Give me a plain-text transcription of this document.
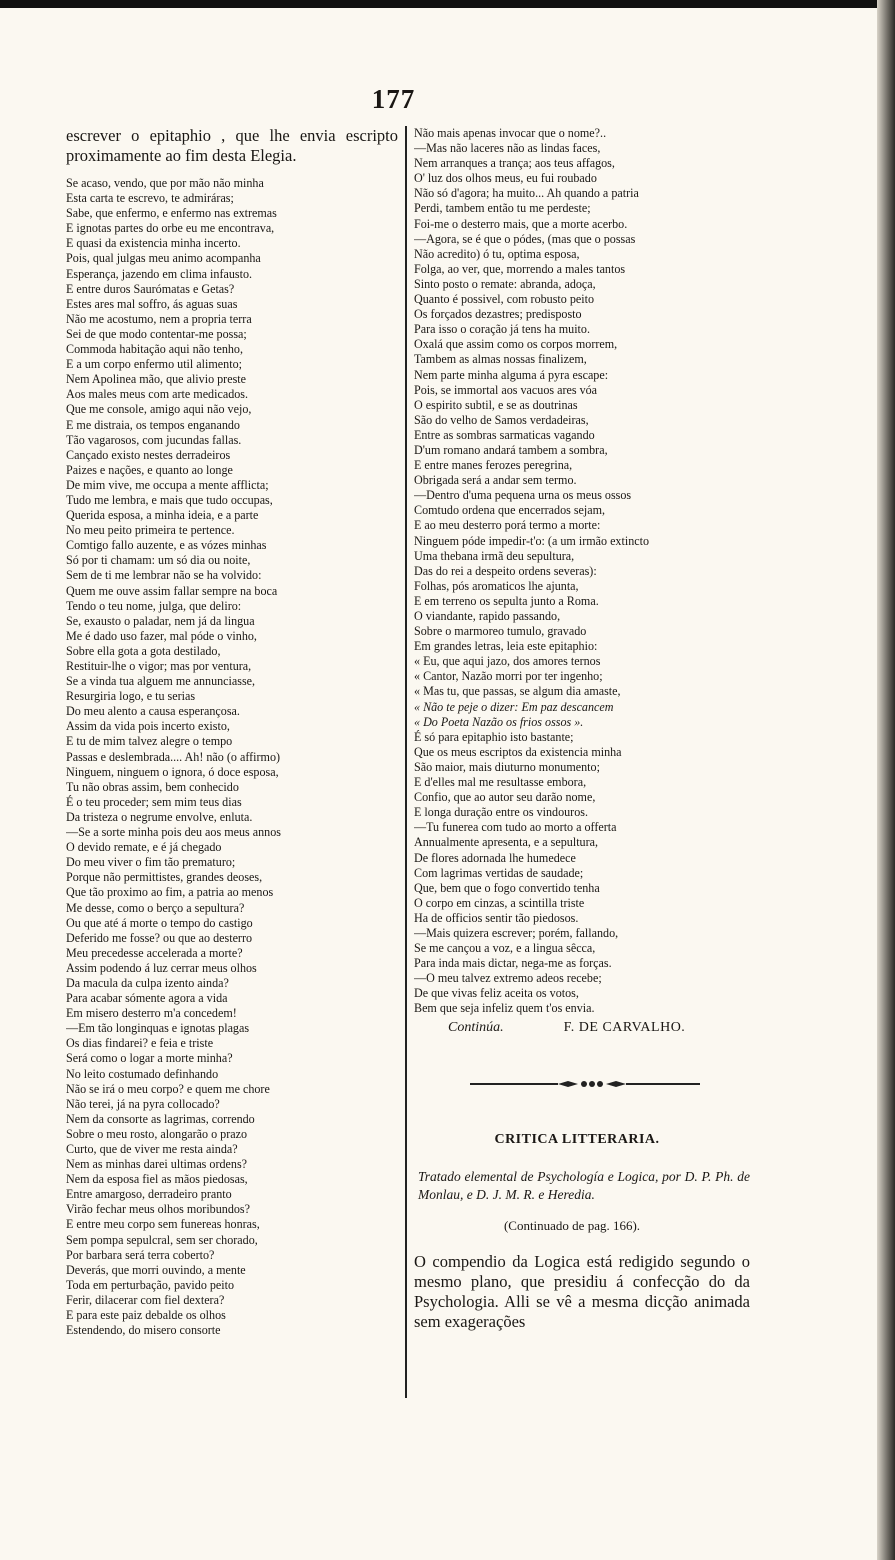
177

escrever o epitaphio , que lhe envia escripto proximamente ao fim desta Elegia.

Se acaso, vendo, que por mão não minha
Esta carta te escrevo, te admiráras;
Sabe, que enfermo, e enfermo nas extremas
E ignotas partes do orbe eu me encontrava,
E quasi da existencia minha incerto.
Pois, qual julgas meu animo acompanha
Esperança, jazendo em clima infausto.
E entre duros Saurómatas e Getas?
Estes ares mal soffro, ás aguas suas
Não me acostumo, nem a propria terra
Sei de que modo contentar-me possa;
Commoda habitação aqui não tenho,
E a um corpo enfermo util alimento;
Nem Apolinea mão, que alivio preste
Aos males meus com arte medicados.
Que me console, amigo aqui não vejo,
E me distraia, os tempos enganando
Tão vagarosos, com jucundas fallas.
Cançado existo nestes derradeiros
Paizes e nações, e quanto ao longe
De mim vive, me occupa a mente afflicta;
Tudo me lembra, e mais que tudo occupas,
Querida esposa, a minha ideia, e a parte
No meu peito primeira te pertence.
Comtigo fallo auzente, e as vózes minhas
Só por ti chamam: um só dia ou noite,
Sem de ti me lembrar não se ha volvido:
Quem me ouve assim fallar sempre na boca
Tendo o teu nome, julga, que deliro:
Se, exausto o paladar, nem já da lingua
Me é dado uso fazer, mal póde o vinho,
Sobre ella gota a gota destilado,
Restituir-lhe o vigor; mas por ventura,
Se a vinda tua alguem me annunciasse,
Resurgiria logo, e tu serias
Do meu alento a causa esperançosa.
Assim da vida pois incerto existo,
E tu de mim talvez alegre o tempo
Passas e deslembrada.... Ah! não (o affirmo)
Ninguem, ninguem o ignora, ó doce esposa,
Tu não obras assim, bem conhecido
É o teu proceder; sem mim teus dias
Da tristeza o negrume envolve, enluta.
—Se a sorte minha pois deu aos meus annos
O devido remate, e é já chegado
Do meu viver o fim tão prematuro;
Porque não permittistes, grandes deoses,
Que tão proximo ao fim, a patria ao menos
Me desse, como o berço a sepultura?
Ou que até á morte o tempo do castigo
Deferido me fosse? ou que ao desterro
Meu precedesse accelerada a morte?
Assim podendo á luz cerrar meus olhos
Da macula da culpa izento ainda?
Para acabar sómente agora a vida
Em misero desterro m'a concedem!
—Em tão longinquas e ignotas plagas
Os dias findarei? e feia e triste
Será como o logar a morte minha?
No leito costumado definhando
Não se irá o meu corpo? e quem me chore
Não terei, já na pyra collocado?
Nem da consorte as lagrimas, correndo
Sobre o meu rosto, alongarão o prazo
Curto, que de viver me resta ainda?
Nem as minhas darei ultimas ordens?
Nem da esposa fiel as mãos piedosas,
Entre amargoso, derradeiro pranto
Virão fechar meus olhos moribundos?
E entre meu corpo sem funereas honras,
Sem pompa sepulcral, sem ser chorado,
Por barbara será terra coberto?
Deverás, que morri ouvindo, a mente
Toda em perturbação, pavido peito
Ferir, dilacerar com fiel dextera?
E para este paiz debalde os olhos
Estendendo, do misero consorte
Não mais apenas invocar que o nome?..
—Mas não laceres não as lindas faces,
Nem arranques a trança; aos teus affagos,
O' luz dos olhos meus, eu fui roubado
Não só d'agora; ha muito... Ah quando a patria
Perdi, tambem então tu me perdeste;
Foi-me o desterro mais, que a morte acerbo.
—Agora, se é que o pódes, (mas que o possas
Não acredito) ó tu, optima esposa,
Folga, ao ver, que, morrendo a males tantos
Sinto posto o remate: abranda, adoça,
Quanto é possivel, com robusto peito
Os forçados dezastres; predisposto
Para isso o coração já tens ha muito.
Oxalá que assim como os corpos morrem,
Tambem as almas nossas finalizem,
Nem parte minha alguma á pyra escape:
Pois, se immortal aos vacuos ares vóa
O espirito subtil, e se as doutrinas
São do velho de Samos verdadeiras,
Entre as sombras sarmaticas vagando
D'um romano andará tambem a sombra,
E entre manes ferozes peregrina,
Obrigada será a andar sem termo.
—Dentro d'uma pequena urna os meus ossos
Comtudo ordena que encerrados sejam,
E ao meu desterro porá termo a morte:
Ninguem póde impedir-t'o: (a um irmão extincto
Uma thebana irmã deu sepultura,
Das do rei a despeito ordens severas):
Folhas, pós aromaticos lhe ajunta,
E em terreno os sepulta junto a Roma.
O viandante, rapido passando,
Sobre o marmoreo tumulo, gravado
Em grandes letras, leia este epitaphio:
« Eu, que aqui jazo, dos amores ternos
« Cantor, Nazão morri por ter ingenho;
« Mas tu, que passas, se algum dia amaste,
« Não te peje o dizer: Em paz descancem
« Do Poeta Nazão os frios ossos ».
É só para epitaphio isto bastante;
Que os meus escriptos da existencia minha
São maior, mais diuturno monumento;
E d'elles mal me resultasse embora,
Confio, que ao autor seu darão nome,
E longa duração entre os vindouros.
—Tu funerea com tudo ao morto a offerta
Annualmente apresenta, e a sepultura,
De flores adornada lhe humedece
Com lagrimas vertidas de saudade;
Que, bem que o fogo convertido tenha
O corpo em cinzas, a scintilla triste
Ha de officios sentir tão piedosos.
—Mais quizera escrever; porém, fallando,
Se me cançou a voz, e a lingua sêcca,
Para inda mais dictar, nega-me as forças.
—O meu talvez extremo adeos recebe;
De que vivas feliz aceita os votos,
Bem que seja infeliz quem t'os envia.
Continúa.	F. DE CARVALHO.
CRITICA LITTERARIA.
Tratado elemental de Psychología e Logica, por D. P. Ph. de Monlau, e D. J. M. R. e Heredia.
(Continuado de pag. 166).

O compendio da Logica está redigido segundo o mesmo plano, que presidiu á confecção do da Psychologia. Alli se vê a mesma dicção animada sem exagerações
